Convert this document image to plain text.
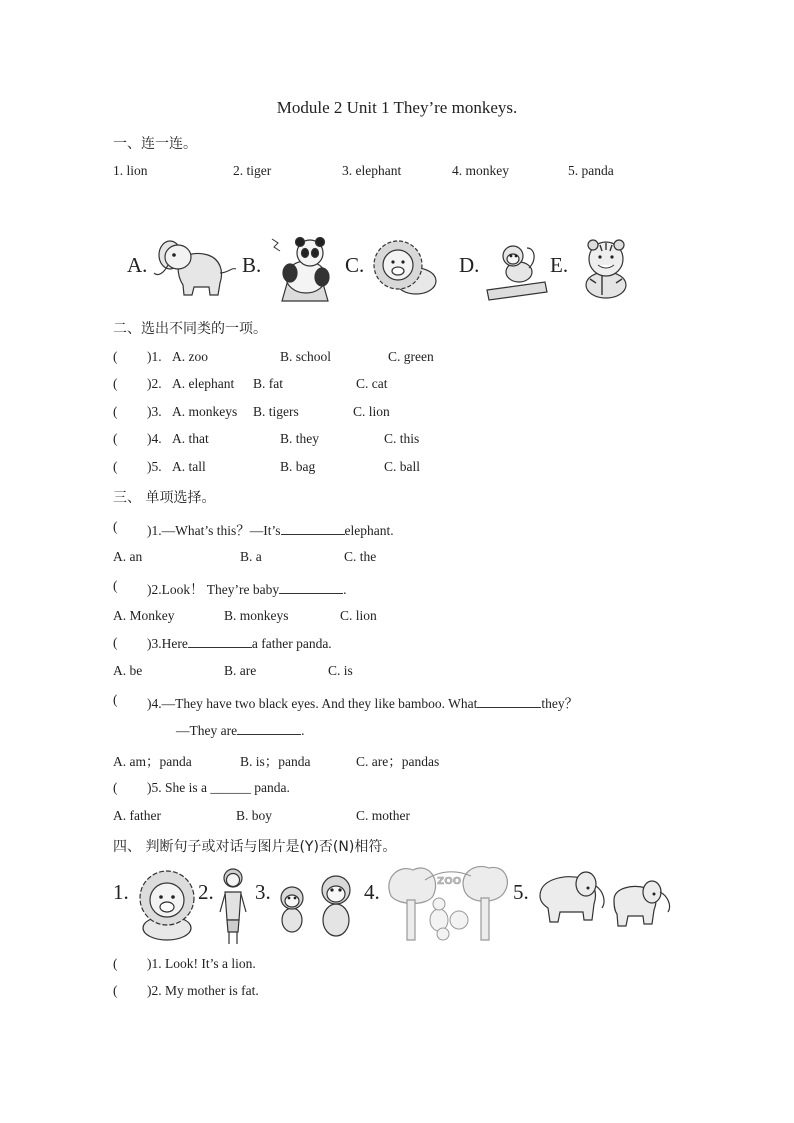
Module 2 Unit 1 They’re monkeys.
一、连一连。
1. lion	2. tiger	3. elephant	4. monkey	5. panda
A.	B.	C.	D.	E.
二、选出不同类的一项。
( )1. A. zoo	B. school	C. green
( )2. A. elephant B. fat	C. cat
( )3. A. monkeys B. tigers	C. lion
( )4. A. that	B. they	C. this
( )5. A. tall	B. bag	C. ball
三、 单项选择。
( )1.—What’s this？—It’s	elephant.
A. an	B. a	C. the
( )2.Look！ They’re baby	.
A. Monkey	B. monkeys	C. lion
( )3.Here	a father panda.
A. be	B. are	C. is
( )4.—They have two black eyes. And they like bamboo. What	they？
—They are	.
A. am；panda	B. is；panda	C. are；pandas
( )5. She is a ______ panda.
A. father	B. boy	C. mother
四、 判断句子或对话与图片是(Y)否(N)相符。
1.	2. 3.	4.	5.
ZOO
( )1. Look! It’s a lion.
( )2. My mother is fat.
